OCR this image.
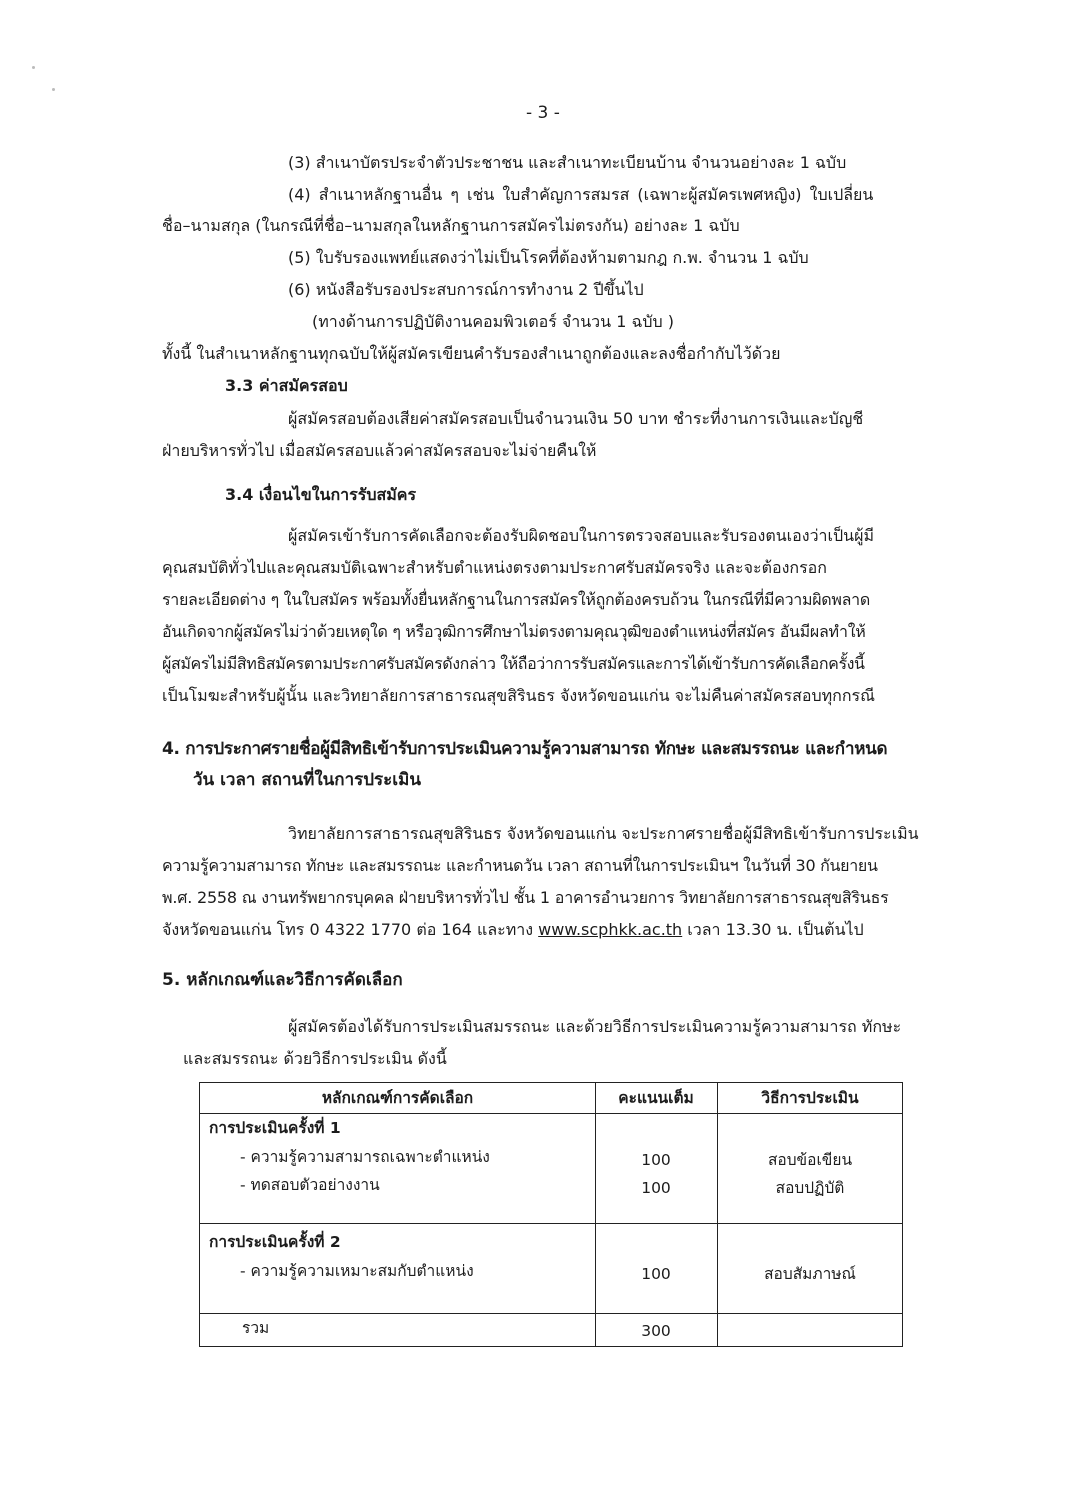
- 3 -
(3) สำเนาบัตรประจำตัวประชาชน และสำเนาทะเบียนบ้าน จำนวนอย่างละ 1 ฉบับ
(4) สำเนาหลักฐานอื่น ๆ เช่น ใบสำคัญการสมรส (เฉพาะผู้สมัครเพศหญิง) ใบเปลี่ยน
ชื่อ–นามสกุล (ในกรณีที่ชื่อ–นามสกุลในหลักฐานการสมัครไม่ตรงกัน) อย่างละ 1 ฉบับ
(5) ใบรับรองแพทย์แสดงว่าไม่เป็นโรคที่ต้องห้ามตามกฎ ก.พ. จำนวน 1 ฉบับ
(6) หนังสือรับรองประสบการณ์การทำงาน 2 ปีขึ้นไป
(ทางด้านการปฏิบัติงานคอมพิวเตอร์ จำนวน 1 ฉบับ )
ทั้งนี้ ในสำเนาหลักฐานทุกฉบับให้ผู้สมัครเขียนคำรับรองสำเนาถูกต้องและลงชื่อกำกับไว้ด้วย
3.3 ค่าสมัครสอบ
ผู้สมัครสอบต้องเสียค่าสมัครสอบเป็นจำนวนเงิน 50 บาท ชำระที่งานการเงินและบัญชี
ฝ่ายบริหารทั่วไป เมื่อสมัครสอบแล้วค่าสมัครสอบจะไม่จ่ายคืนให้
3.4 เงื่อนไขในการรับสมัคร
ผู้สมัครเข้ารับการคัดเลือกจะต้องรับผิดชอบในการตรวจสอบและรับรองตนเองว่าเป็นผู้มี
คุณสมบัติทั่วไปและคุณสมบัติเฉพาะสำหรับตำแหน่งตรงตามประกาศรับสมัครจริง และจะต้องกรอก
รายละเอียดต่าง ๆ ในใบสมัคร พร้อมทั้งยื่นหลักฐานในการสมัครให้ถูกต้องครบถ้วน ในกรณีที่มีความผิดพลาด
อันเกิดจากผู้สมัครไม่ว่าด้วยเหตุใด ๆ หรือวุฒิการศึกษาไม่ตรงตามคุณวุฒิของตำแหน่งที่สมัคร อันมีผลทำให้
ผู้สมัครไม่มีสิทธิสมัครตามประกาศรับสมัครดังกล่าว ให้ถือว่าการรับสมัครและการได้เข้ารับการคัดเลือกครั้งนี้
เป็นโมฆะสำหรับผู้นั้น และวิทยาลัยการสาธารณสุขสิรินธร จังหวัดขอนแก่น จะไม่คืนค่าสมัครสอบทุกกรณี
4. การประกาศรายชื่อผู้มีสิทธิเข้ารับการประเมินความรู้ความสามารถ ทักษะ และสมรรถนะ และกำหนด
วัน เวลา สถานที่ในการประเมิน
วิทยาลัยการสาธารณสุขสิรินธร จังหวัดขอนแก่น จะประกาศรายชื่อผู้มีสิทธิเข้ารับการประเมิน
ความรู้ความสามารถ ทักษะ และสมรรถนะ และกำหนดวัน เวลา สถานที่ในการประเมินฯ ในวันที่ 30 กันยายน
พ.ศ. 2558 ณ งานทรัพยากรบุคคล ฝ่ายบริหารทั่วไป ชั้น 1 อาคารอำนวยการ วิทยาลัยการสาธารณสุขสิรินธร
จังหวัดขอนแก่น โทร 0 4322 1770 ต่อ 164 และทาง www.scphkk.ac.th เวลา 13.30 น. เป็นต้นไป
5. หลักเกณฑ์และวิธีการคัดเลือก
ผู้สมัครต้องได้รับการประเมินสมรรถนะ และด้วยวิธีการประเมินความรู้ความสามารถ ทักษะ
และสมรรถนะ ด้วยวิธีการประเมิน ดังนี้
หลักเกณฑ์การคัดเลือก	คะแนนเต็ม	วิธีการประเมิน
การประเมินครั้งที่ 1
- ความรู้ความสามารถเฉพาะตำแหน่ง	100	สอบข้อเขียน
- ทดสอบตัวอย่างงาน	100	สอบปฏิบัติ
การประเมินครั้งที่ 2
- ความรู้ความเหมาะสมกับตำแหน่ง	100	สอบสัมภาษณ์
รวม	300
